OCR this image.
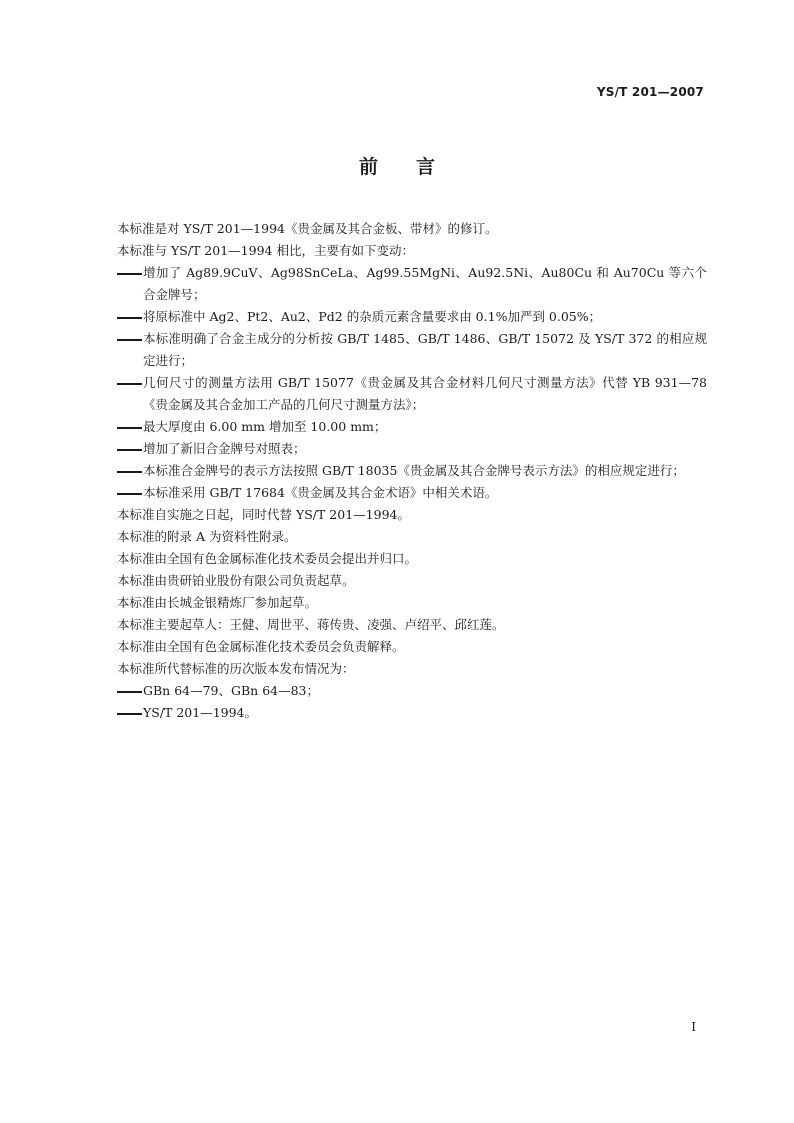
YS/T 201—2007
前言
本标准是对 YS/T 201—1994《贵金属及其合金板、带材》的修订。
本标准与 YS/T 201—1994 相比，主要有如下变动：
增加了 Ag89.9CuV、Ag98SnCeLa、Ag99.55MgNi、Au92.5Ni、Au80Cu 和 Au70Cu 等六个合金牌号；
将原标准中 Ag2、Pt2、Au2、Pd2 的杂质元素含量要求由 0.1%加严到 0.05%；
本标准明确了合金主成分的分析按 GB/T 1485、GB/T 1486、GB/T 15072 及 YS/T 372 的相应规定进行；
几何尺寸的测量方法用 GB/T 15077《贵金属及其合金材料几何尺寸测量方法》代替 YB 931—78《贵金属及其合金加工产品的几何尺寸测量方法》；
最大厚度由 6.00 mm 增加至 10.00 mm；
增加了新旧合金牌号对照表；
本标准合金牌号的表示方法按照 GB/T 18035《贵金属及其合金牌号表示方法》的相应规定进行；
本标准采用 GB/T 17684《贵金属及其合金术语》中相关术语。
本标准自实施之日起，同时代替 YS/T 201—1994。
本标准的附录 A 为资料性附录。
本标准由全国有色金属标准化技术委员会提出并归口。
本标准由贵研铂业股份有限公司负责起草。
本标准由长城金银精炼厂参加起草。
本标准主要起草人：王健、周世平、蒋传贵、凌强、卢绍平、邱红莲。
本标准由全国有色金属标准化技术委员会负责解释。
本标准所代替标准的历次版本发布情况为：
GBn 64—79、GBn 64—83；
YS/T 201—1994。
I
